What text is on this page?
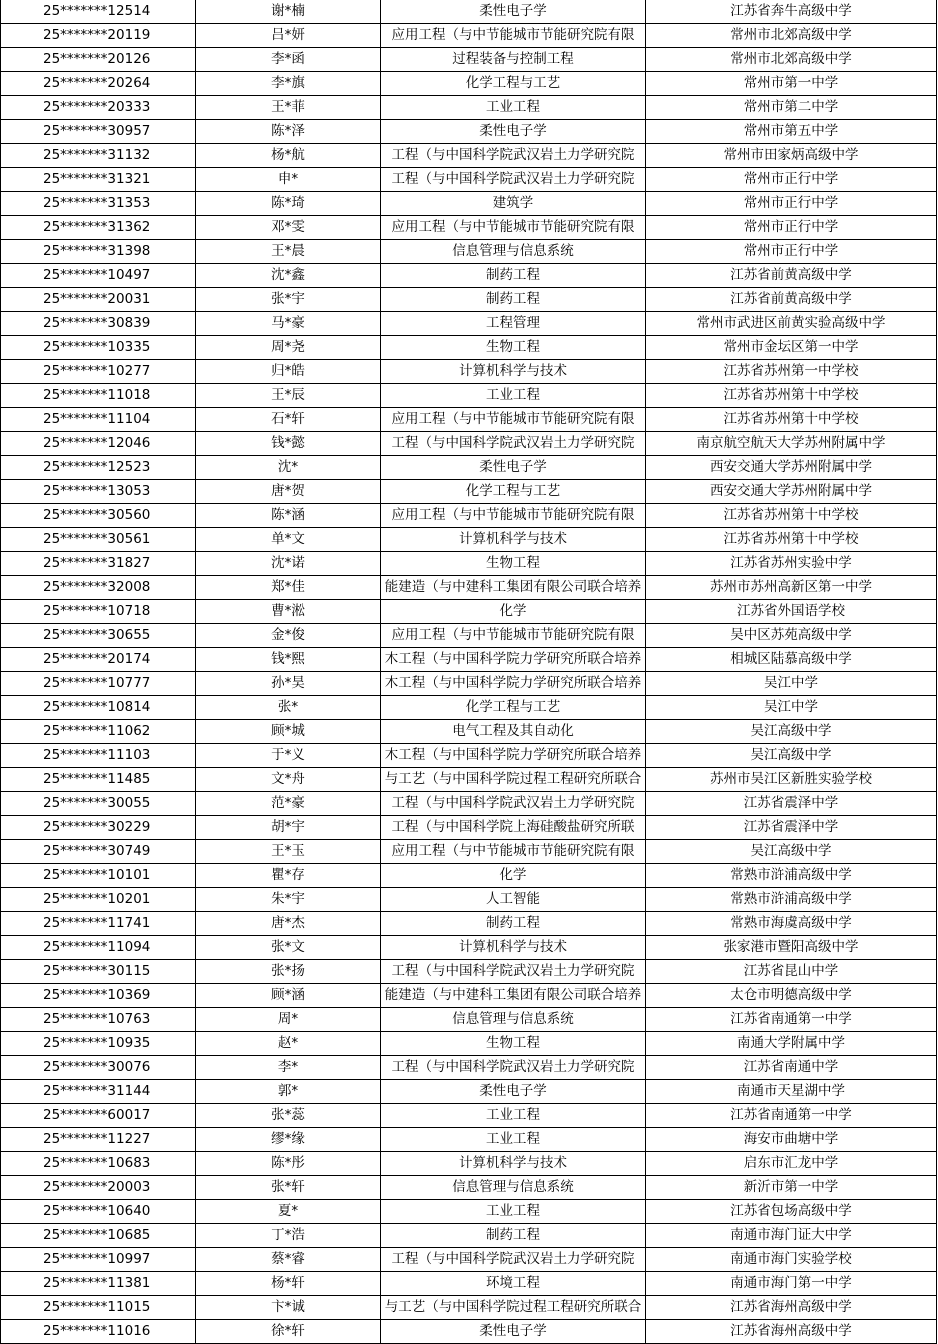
25*******12514	谢*楠	柔性电子学	江苏省奔牛高级中学
25*******20119	吕*妍	应用工程（与中节能城市节能研究院有限	常州市北郊高级中学
25*******20126	李*函	过程装备与控制工程	常州市北郊高级中学
25*******20264	李*旗	化学工程与工艺	常州市第一中学
25*******20333	王*菲	工业工程	常州市第二中学
25*******30957	陈*泽	柔性电子学	常州市第五中学
25*******31132	杨*航	工程（与中国科学院武汉岩土力学研究院	常州市田家炳高级中学
25*******31321	申*	工程（与中国科学院武汉岩土力学研究院	常州市正行中学
25*******31353	陈*琦	建筑学	常州市正行中学
25*******31362	邓*雯	应用工程（与中节能城市节能研究院有限	常州市正行中学
25*******31398	王*晨	信息管理与信息系统	常州市正行中学
25*******10497	沈*鑫	制药工程	江苏省前黄高级中学
25*******20031	张*宇	制药工程	江苏省前黄高级中学
25*******30839	马*豪	工程管理	常州市武进区前黄实验高级中学
25*******10335	周*尧	生物工程	常州市金坛区第一中学
25*******10277	归*皓	计算机科学与技术	江苏省苏州第一中学校
25*******11018	王*辰	工业工程	江苏省苏州第十中学校
25*******11104	石*轩	应用工程（与中节能城市节能研究院有限	江苏省苏州第十中学校
25*******12046	钱*懿	工程（与中国科学院武汉岩土力学研究院	南京航空航天大学苏州附属中学
25*******12523	沈*	柔性电子学	西安交通大学苏州附属中学
25*******13053	唐*贺	化学工程与工艺	西安交通大学苏州附属中学
25*******30560	陈*涵	应用工程（与中节能城市节能研究院有限	江苏省苏州第十中学校
25*******30561	单*文	计算机科学与技术	江苏省苏州第十中学校
25*******31827	沈*诺	生物工程	江苏省苏州实验中学
25*******32008	郑*佳	能建造（与中建科工集团有限公司联合培养	苏州市苏州高新区第一中学
25*******10718	曹*淞	化学	江苏省外国语学校
25*******30655	金*俊	应用工程（与中节能城市节能研究院有限	吴中区苏苑高级中学
25*******20174	钱*熙	木工程（与中国科学院力学研究所联合培养	相城区陆慕高级中学
25*******10777	孙*昊	木工程（与中国科学院力学研究所联合培养	吴江中学
25*******10814	张*	化学工程与工艺	吴江中学
25*******11062	顾*城	电气工程及其自动化	吴江高级中学
25*******11103	于*义	木工程（与中国科学院力学研究所联合培养	吴江高级中学
25*******11485	文*舟	与工艺（与中国科学院过程工程研究所联合	苏州市吴江区新胜实验学校
25*******30055	范*豪	工程（与中国科学院武汉岩土力学研究院	江苏省震泽中学
25*******30229	胡*宇	工程（与中国科学院上海硅酸盐研究所联	江苏省震泽中学
25*******30749	王*玉	应用工程（与中节能城市节能研究院有限	吴江高级中学
25*******10101	瞿*存	化学	常熟市浒浦高级中学
25*******10201	朱*宇	人工智能	常熟市浒浦高级中学
25*******11741	唐*杰	制药工程	常熟市海虞高级中学
25*******11094	张*文	计算机科学与技术	张家港市暨阳高级中学
25*******30115	张*扬	工程（与中国科学院武汉岩土力学研究院	江苏省昆山中学
25*******10369	顾*涵	能建造（与中建科工集团有限公司联合培养	太仓市明德高级中学
25*******10763	周*	信息管理与信息系统	江苏省南通第一中学
25*******10935	赵*	生物工程	南通大学附属中学
25*******30076	李*	工程（与中国科学院武汉岩土力学研究院	江苏省南通中学
25*******31144	郭*	柔性电子学	南通市天星湖中学
25*******60017	张*蕊	工业工程	江苏省南通第一中学
25*******11227	缪*缘	工业工程	海安市曲塘中学
25*******10683	陈*彤	计算机科学与技术	启东市汇龙中学
25*******20003	张*轩	信息管理与信息系统	新沂市第一中学
25*******10640	夏*	工业工程	江苏省包场高级中学
25*******10685	丁*浩	制药工程	南通市海门证大中学
25*******10997	蔡*睿	工程（与中国科学院武汉岩土力学研究院	南通市海门实验学校
25*******11381	杨*轩	环境工程	南通市海门第一中学
25*******11015	卞*诚	与工艺（与中国科学院过程工程研究所联合	江苏省海州高级中学
25*******11016	徐*轩	柔性电子学	江苏省海州高级中学
